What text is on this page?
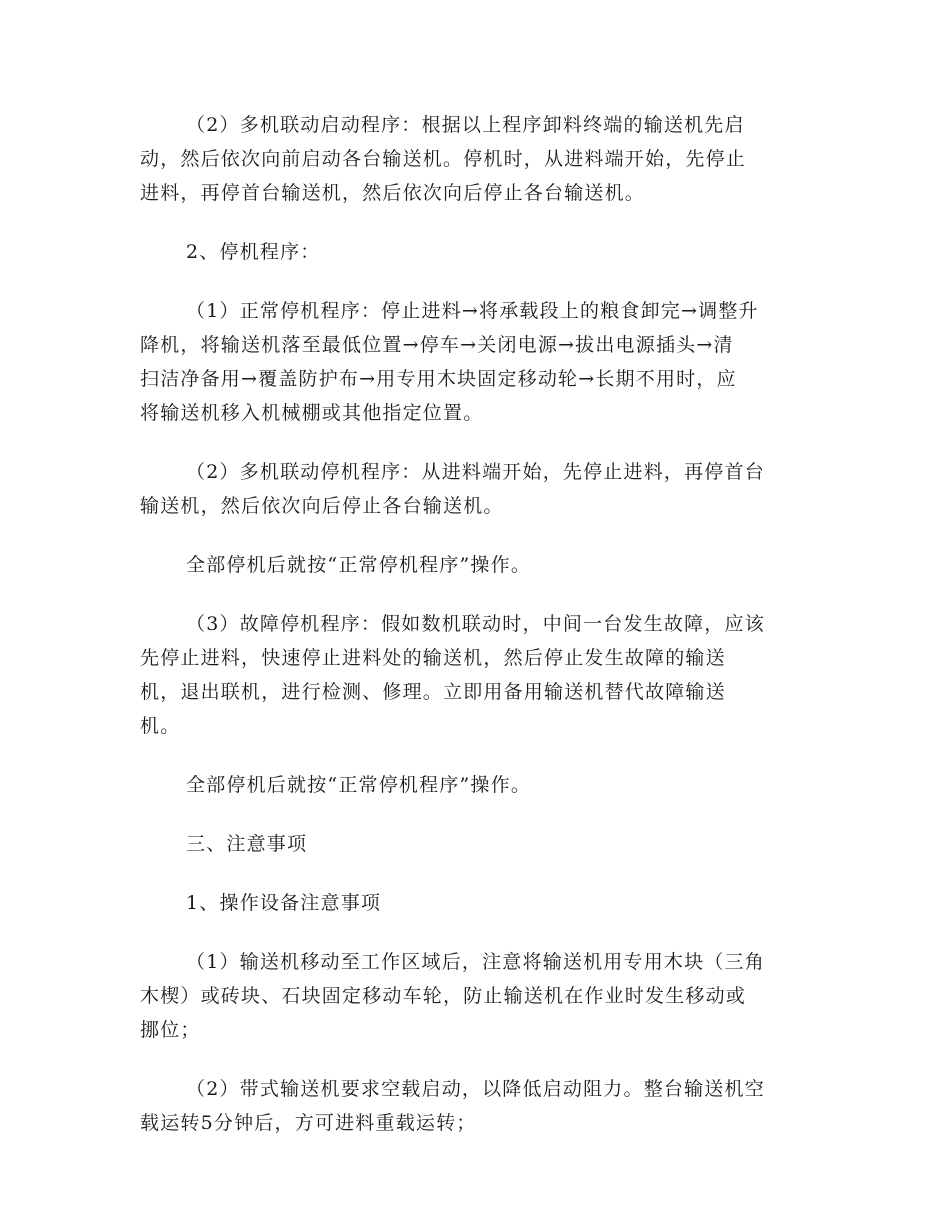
（2）多机联动启动程序：根据以上程序卸料终端的输送机先启
动，然后依次向前启动各台输送机。停机时，从进料端开始，先停止
进料，再停首台输送机，然后依次向后停止各台输送机。

2、停机程序：

（1）正常停机程序：停止进料→将承载段上的粮食卸完→调整升
降机，将输送机落至最低位置→停车→关闭电源→拔出电源插头→清
扫洁净备用→覆盖防护布→用专用木块固定移动轮→长期不用时，应
将输送机移入机械棚或其他指定位置。

（2）多机联动停机程序：从进料端开始，先停止进料，再停首台
输送机，然后依次向后停止各台输送机。

全部停机后就按“正常停机程序”操作。

（3）故障停机程序：假如数机联动时，中间一台发生故障，应该
先停止进料，快速停止进料处的输送机，然后停止发生故障的输送
机，退出联机，进行检测、修理。立即用备用输送机替代故障输送
机。

全部停机后就按“正常停机程序”操作。

三、注意事项

1、操作设备注意事项

（1）输送机移动至工作区域后，注意将输送机用专用木块（三角
木楔）或砖块、石块固定移动车轮，防止输送机在作业时发生移动或
挪位；

（2）带式输送机要求空载启动，以降低启动阻力。整台输送机空
载运转5分钟后，方可进料重载运转；
